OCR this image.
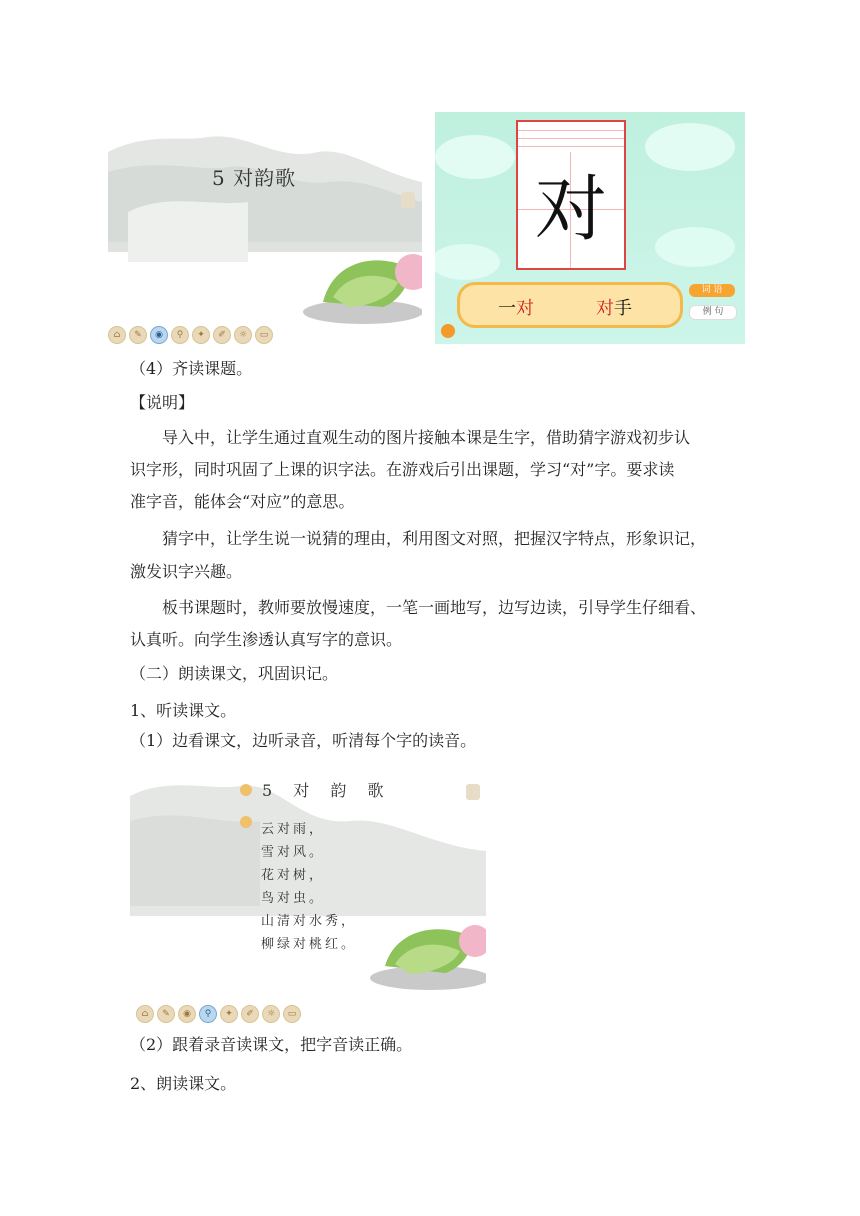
5 对韵歌
⌂	✎	◉	⚲	✦	✐	☼	▭
对
一 对	对 手
词 语
例 句
（4）齐读课题。
【说明】
导入中，让学生通过直观生动的图片接触本课是生字，借助猜字游戏初步认
识字形，同时巩固了上课的识字法。在游戏后引出课题，学习“对”字。要求读
准字音，能体会“对应”的意思。
猜字中，让学生说一说猜的理由，利用图文对照，把握汉字特点，形象识记，
激发识字兴趣。
板书课题时，教师要放慢速度，一笔一画地写，边写边读，引导学生仔细看、
认真听。向学生渗透认真写字的意识。
（二）朗读课文，巩固识记。
1、听读课文。
（1）边看课文，边听录音，听清每个字的读音。
5 对 韵 歌
云对雨，
雪对风。
花对树，
鸟对虫。
山清对水秀，
柳绿对桃红。
⌂	✎	◉	⚲	✦	✐	☼	▭
（2）跟着录音读课文，把字音读正确。
2、朗读课文。
